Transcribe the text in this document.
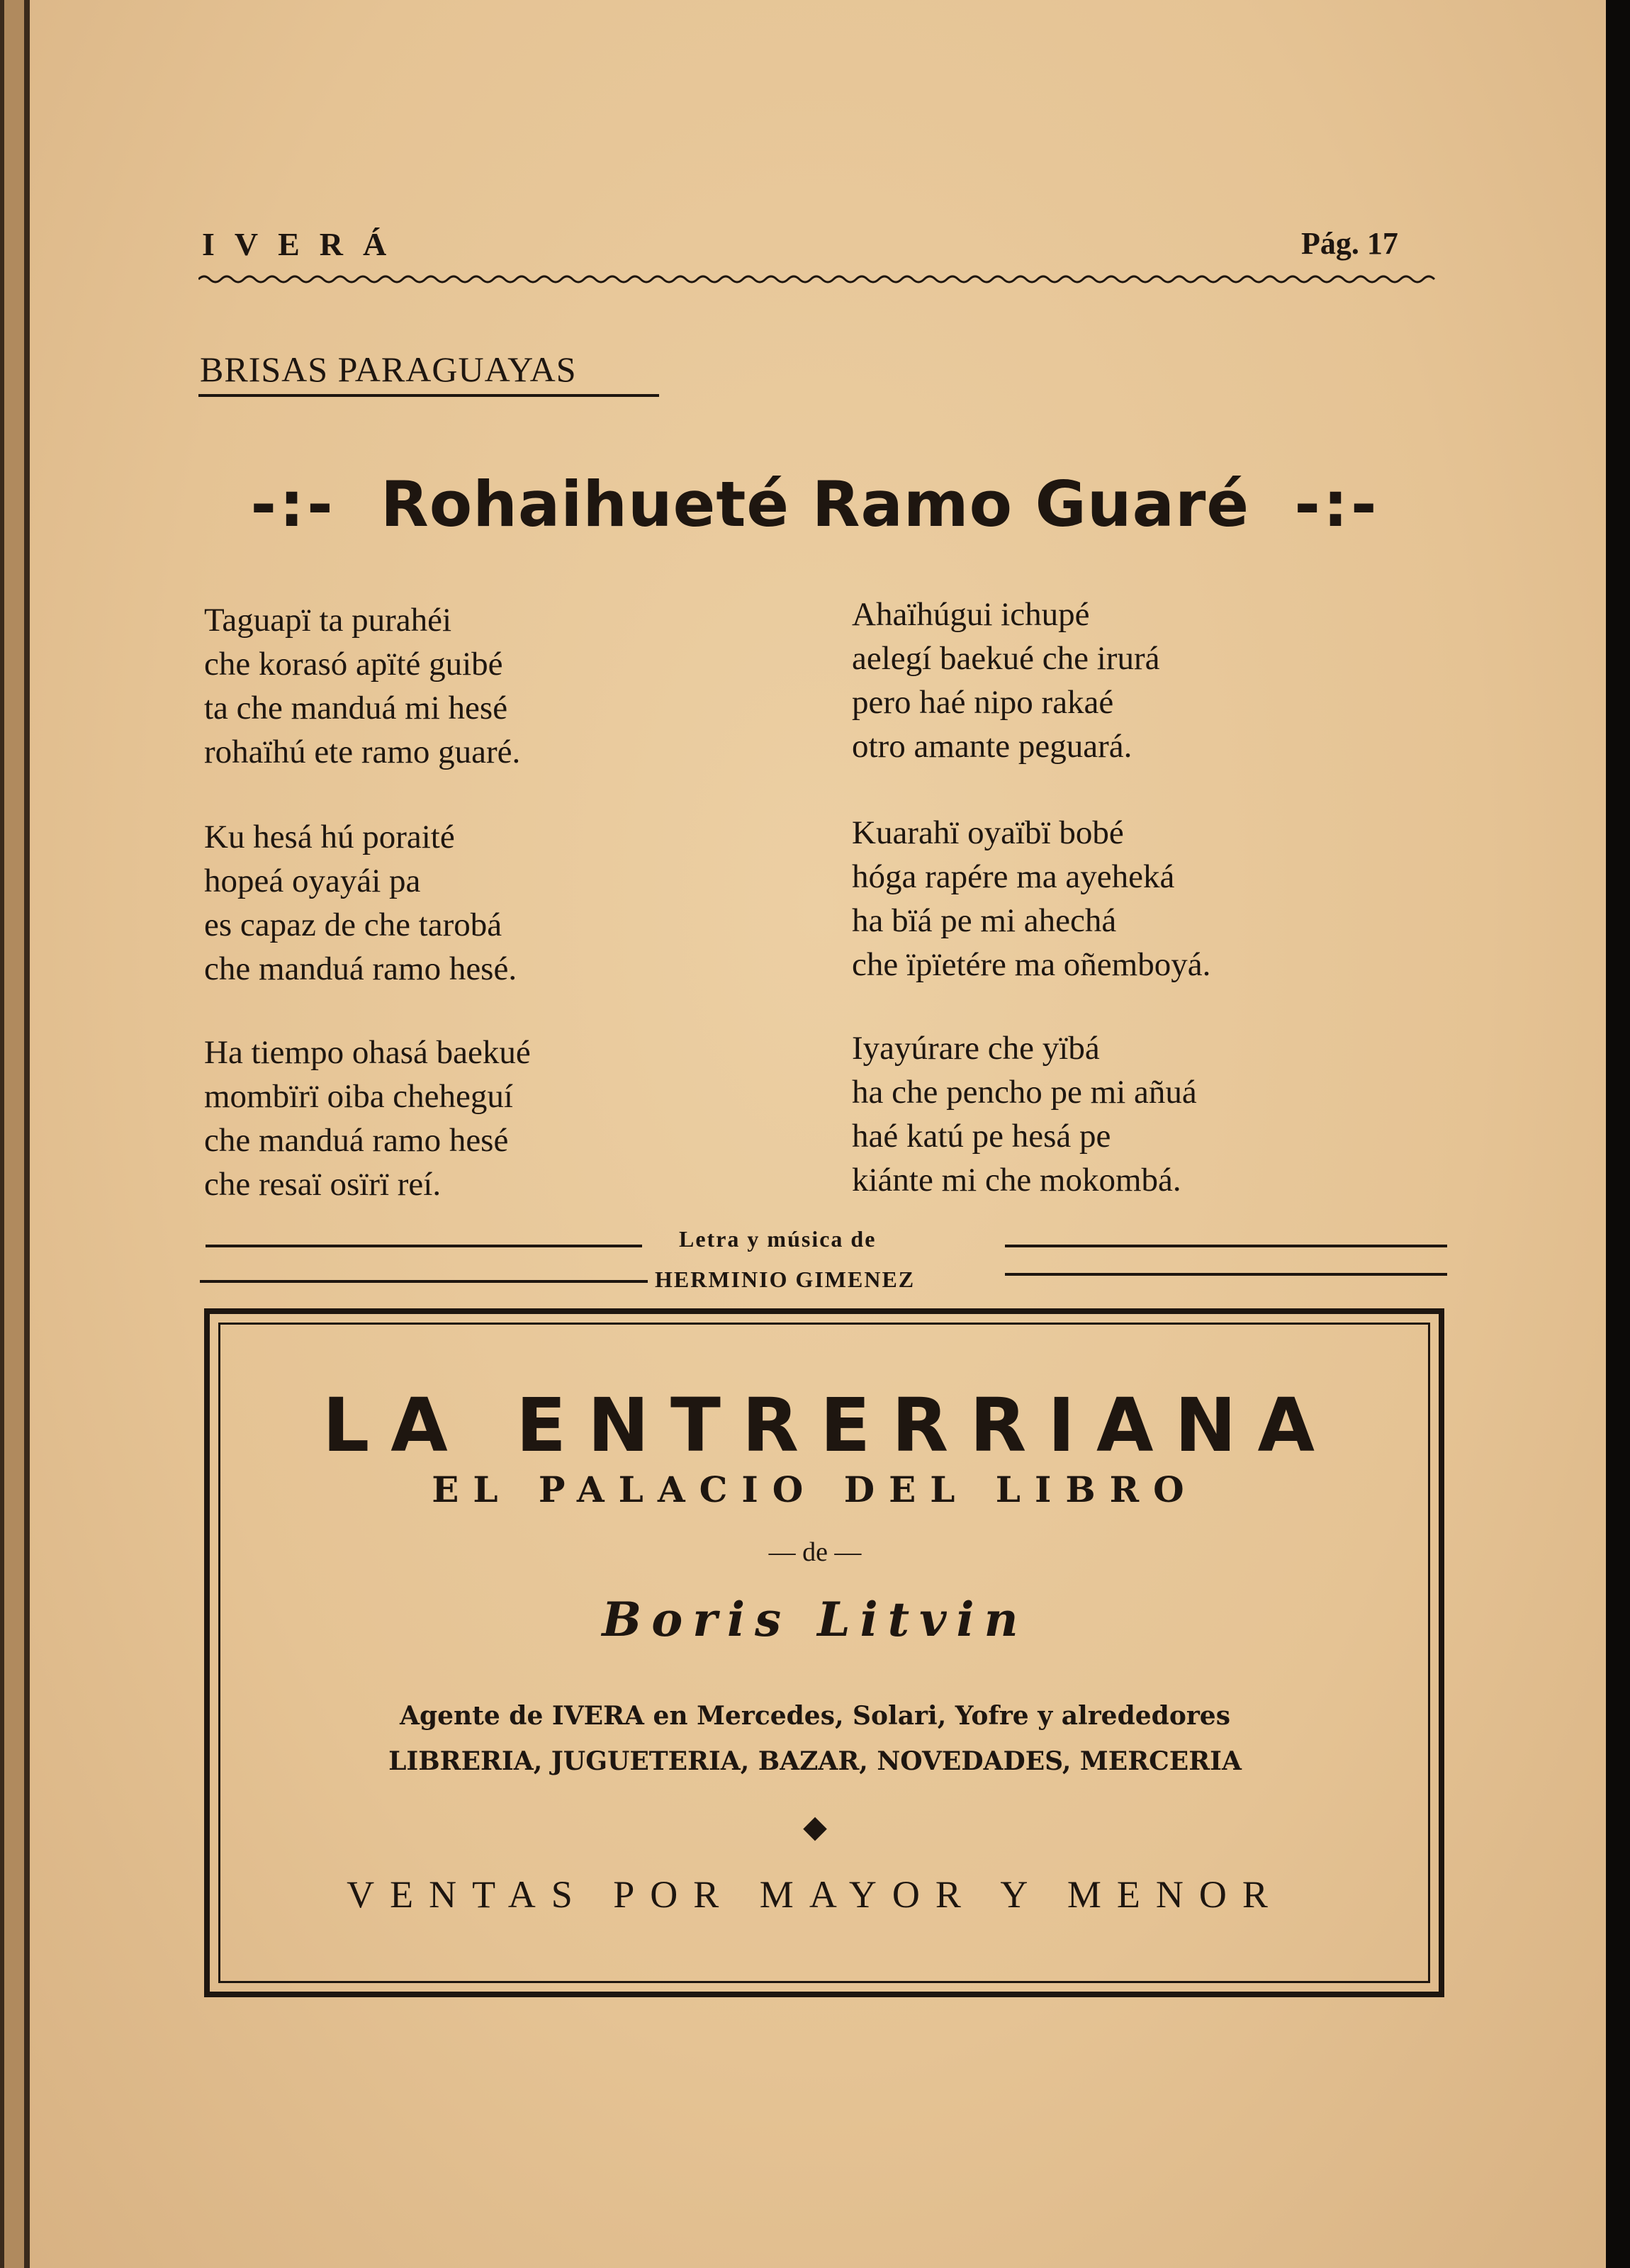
IVERÁ	Pág. 17
BRISAS PARAGUAYAS
-:- Rohaihueté Ramo Guaré -:-
Taguapï ta purahéi
che korasó apïté guibé
ta che manduá mi hesé
rohaïhú ete ramo guaré.
Ku hesá hú poraité
hopeá oyayái pa
es capaz de che tarobá
che manduá ramo hesé.
Ha tiempo ohasá baekué
mombïrï oiba cheheguí
che manduá ramo hesé
che resaï osïrï reí.
Ahaïhúgui ichupé
aelegí baekué che irurá
pero haé nipo rakaé
otro amante peguará.
Kuarahï oyaïbï bobé
hóga rapére ma ayeheká
ha bïá pe mi ahechá
che ïpïetére ma oñemboyá.
Iyayúrare che yïbá
ha che pencho pe mi añuá
haé katú pe hesá pe
kiánte mi che mokombá.
Letra y música de
HERMINIO GIMENEZ
LA ENTRERRIANA
EL PALACIO DEL LIBRO
— de —
Boris Litvin
Agente de IVERA en Mercedes, Solari, Yofre y alrededores
LIBRERIA, JUGUETERIA, BAZAR, NOVEDADES, MERCERIA
◆
VENTAS POR MAYOR Y MENOR
